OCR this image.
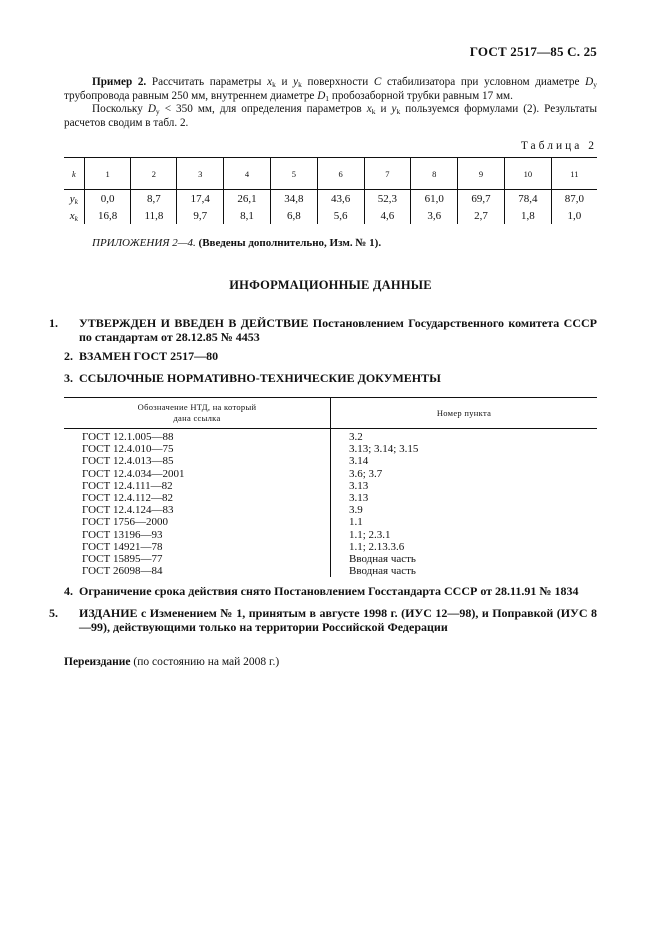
ГОСТ 2517—85 С. 25
Пример 2. Рассчитать параметры $x_k$ и $y_k$ поверхности C стабилизатора при условном диаметре $D_y$ трубопровода равным 250 мм, внутреннем диаметре $D_1$ пробозаборной трубки равным 17 мм.
Поскольку $D_y < 350$ мм, для определения параметров $x_k$ и $y_k$ пользуемся формулами (2). Результаты расчетов сводим в табл. 2.
Таблица 2
k	1	2	3	4	5	6	7	8	9	10	11
$y_k$	0,0	8,7	17,4	26,1	34,8	43,6	52,3	61,0	69,7	78,4	87,0
$x_k$	16,8	11,8	9,7	8,1	6,8	5,6	4,6	3,6	2,7	1,8	1,0
ПРИЛОЖЕНИЯ 2—4. (Введены дополнительно, Изм. № 1).
ИНФОРМАЦИОННЫЕ ДАННЫЕ
1. УТВЕРЖДЕН И ВВЕДЕН В ДЕЙСТВИЕ Постановлением Государственного комитета СССР по стандартам от 28.12.85 № 4453
2. ВЗАМЕН ГОСТ 2517—80
3. ССЫЛОЧНЫЕ НОРМАТИВНО-ТЕХНИЧЕСКИЕ ДОКУМЕНТЫ
Обозначение НТД, на который
дана ссылка	Номер пункта
ГОСТ 12.1.005—88	3.2
ГОСТ 12.4.010—75	3.13; 3.14; 3.15
ГОСТ 12.4.013—85	3.14
ГОСТ 12.4.034—2001	3.6; 3.7
ГОСТ 12.4.111—82	3.13
ГОСТ 12.4.112—82	3.13
ГОСТ 12.4.124—83	3.9
ГОСТ 1756—2000	1.1
ГОСТ 13196—93	1.1; 2.3.1
ГОСТ 14921—78	1.1; 2.13.3.6
ГОСТ 15895—77	Вводная часть
ГОСТ 26098—84	Вводная часть
4. Ограничение срока действия снято Постановлением Госстандарта СССР от 28.11.91 № 1834
5. ИЗДАНИЕ с Изменением № 1, принятым в августе 1998 г. (ИУС 12—98), и Поправкой (ИУС 8—99), действующими только на территории Российской Федерации
Переиздание (по состоянию на май 2008 г.)
